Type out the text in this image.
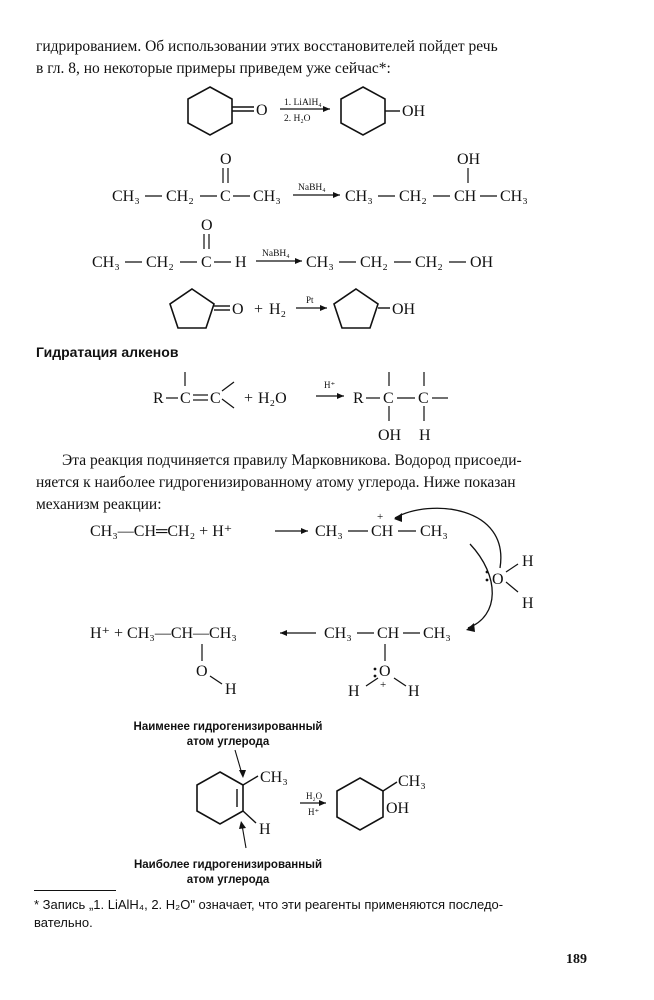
гидрированием. Об использовании этих восстановителей пойдет речь
в гл. 8, но некоторые примеры приведем уже сейчас*:
O 1. LiAlH₄
2. H₂O	OH
O
CH₃ CH₂ C CH₃ NaBH₄ CH₃ CH₂
OH
CH CH₃
O
CH₃ CH₂ C H NaBH₄ CH₃ CH₂ CH₂ OH
O + H₂
Pt
OH
Гидратация алкенов
R C C + H₂O
H⁺
R C C
OH H
Эта реакция подчиняется правилу Марковникова. Водород присоеди-
няется к наиболее гидрогенизированному атому углерода. Ниже показан
механизм реакции:
CH₃—CH═CH₂ + H⁺	CH₃
+
CH CH₃
O
H
H
H⁺ + CH₃—CH—CH₃
O
H
CH₃ CH CH₃
O
+
H	H
Наименее гидрогенизированный
атом углерода
CH₃
H
H₂O
H⁺
CH₃
OH
Наиболее гидрогенизированный
атом углерода
* Запись „1. LiAlH₄, 2. H₂O" означает, что эти реагенты применяются последо-
вательно.
189
